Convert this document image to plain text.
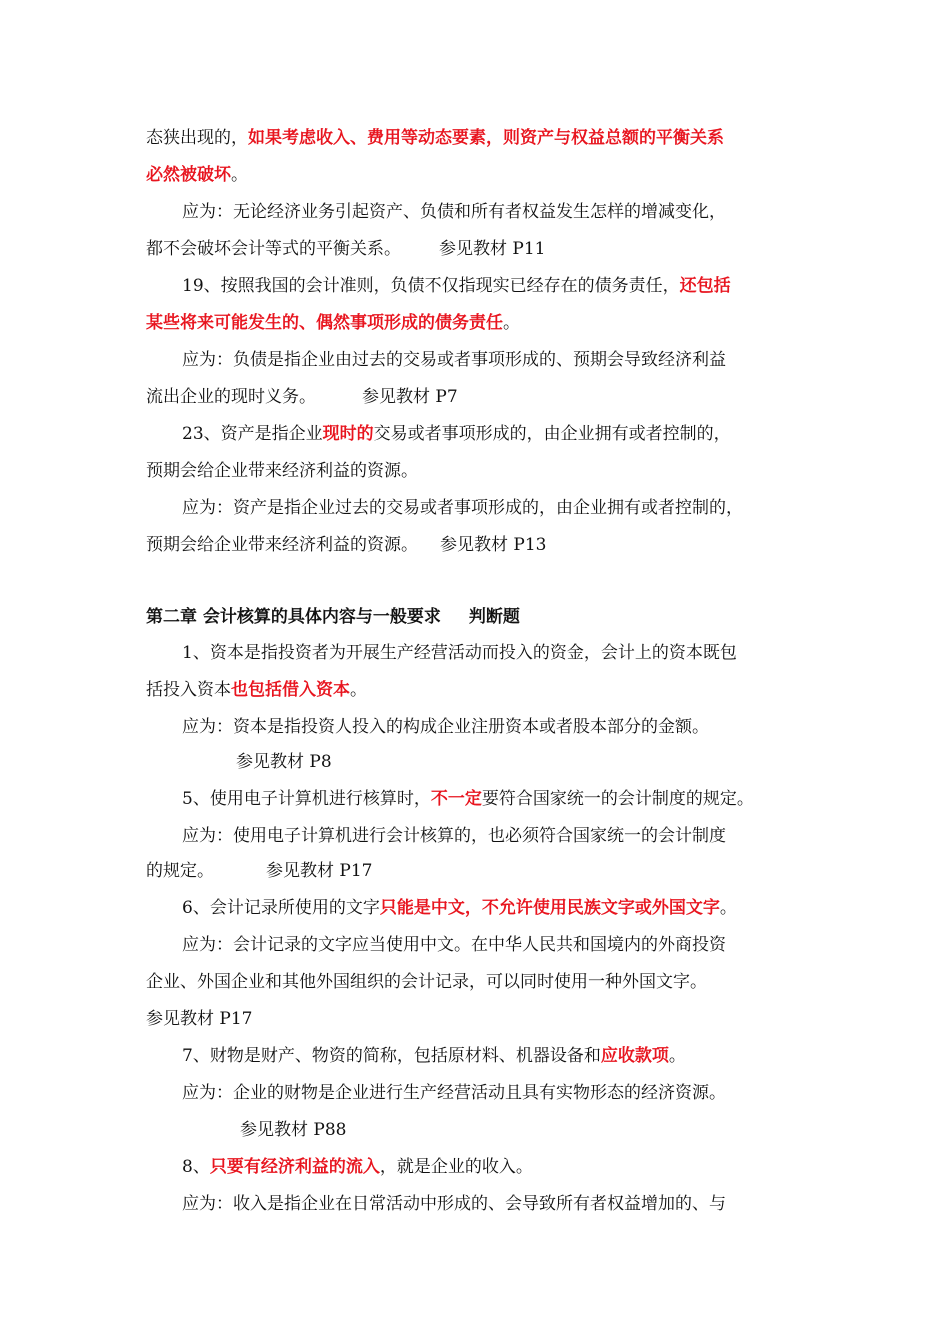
态狭出现的，如果考虑收入、费用等动态要素，则资产与权益总额的平衡关系
必然被破坏。
应为：无论经济业务引起资产、负债和所有者权益发生怎样的增减变化，
都不会破坏会计等式的平衡关系。 参见教材 P11
19、按照我国的会计准则，负债不仅指现实已经存在的债务责任，还包括
某些将来可能发生的、偶然事项形成的债务责任。
应为：负债是指企业由过去的交易或者事项形成的、预期会导致经济利益
流出企业的现时义务。	参见教材 P7
23、资产是指企业现时的交易或者事项形成的，由企业拥有或者控制的，
预期会给企业带来经济利益的资源。
应为：资产是指企业过去的交易或者事项形成的，由企业拥有或者控制的，
预期会给企业带来经济利益的资源。 参见教材 P13
第二章 会计核算的具体内容与一般要求 判断题
1、资本是指投资者为开展生产经营活动而投入的资金，会计上的资本既包
括投入资本也包括借入资本。
应为：资本是指投资人投入的构成企业注册资本或者股本部分的金额。
参见教材 P8
5、使用电子计算机进行核算时，不一定要符合国家统一的会计制度的规定。
应为：使用电子计算机进行会计核算的，也必须符合国家统一的会计制度
的规定。	参见教材 P17
6、会计记录所使用的文字只能是中文，不允许使用民族文字或外国文字。
应为：会计记录的文字应当使用中文。在中华人民共和国境内的外商投资
企业、外国企业和其他外国组织的会计记录，可以同时使用一种外国文字。
参见教材 P17
7、财物是财产、物资的简称，包括原材料、机器设备和应收款项。
应为：企业的财物是企业进行生产经营活动且具有实物形态的经济资源。
参见教材 P88
8、只要有经济利益的流入，就是企业的收入。
应为：收入是指企业在日常活动中形成的、会导致所有者权益增加的、与
